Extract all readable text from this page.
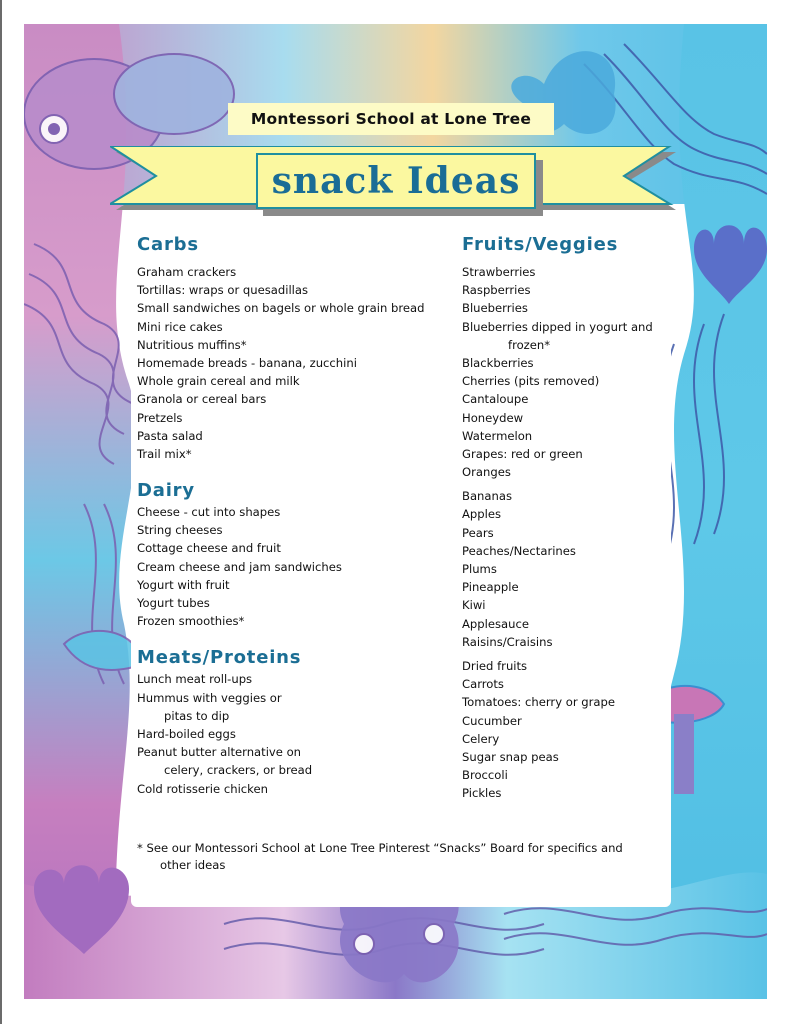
Montessori School at Lone Tree
snack Ideas
Carbs
Graham crackers
Tortillas: wraps or quesadillas
Small sandwiches on bagels or whole grain bread
Mini rice cakes
Nutritious muffins*
Homemade breads - banana, zucchini
Whole grain cereal and milk
Granola or cereal bars
Pretzels
Pasta salad
Trail mix*
Dairy
Cheese - cut into shapes
String cheeses
Cottage cheese and fruit
Cream cheese and jam sandwiches
Yogurt with fruit
Yogurt tubes
Frozen smoothies*
Meats/Proteins
Lunch meat roll-ups
Hummus with veggies or
pitas to dip
Hard-boiled eggs
Peanut butter alternative on
celery, crackers, or bread
Cold rotisserie chicken
Fruits/Veggies
Strawberries
Raspberries
Blueberries
Blueberries dipped in yogurt and
frozen*
Blackberries
Cherries (pits removed)
Cantaloupe
Honeydew
Watermelon
Grapes: red or green
Oranges
Bananas
Apples
Pears
Peaches/Nectarines
Plums
Pineapple
Kiwi
Applesauce
Raisins/Craisins
Dried fruits
Carrots
Tomatoes: cherry or grape
Cucumber
Celery
Sugar snap peas
Broccoli
Pickles
* See our Montessori School at Lone Tree Pinterest “Snacks” Board for specifics and
other ideas
